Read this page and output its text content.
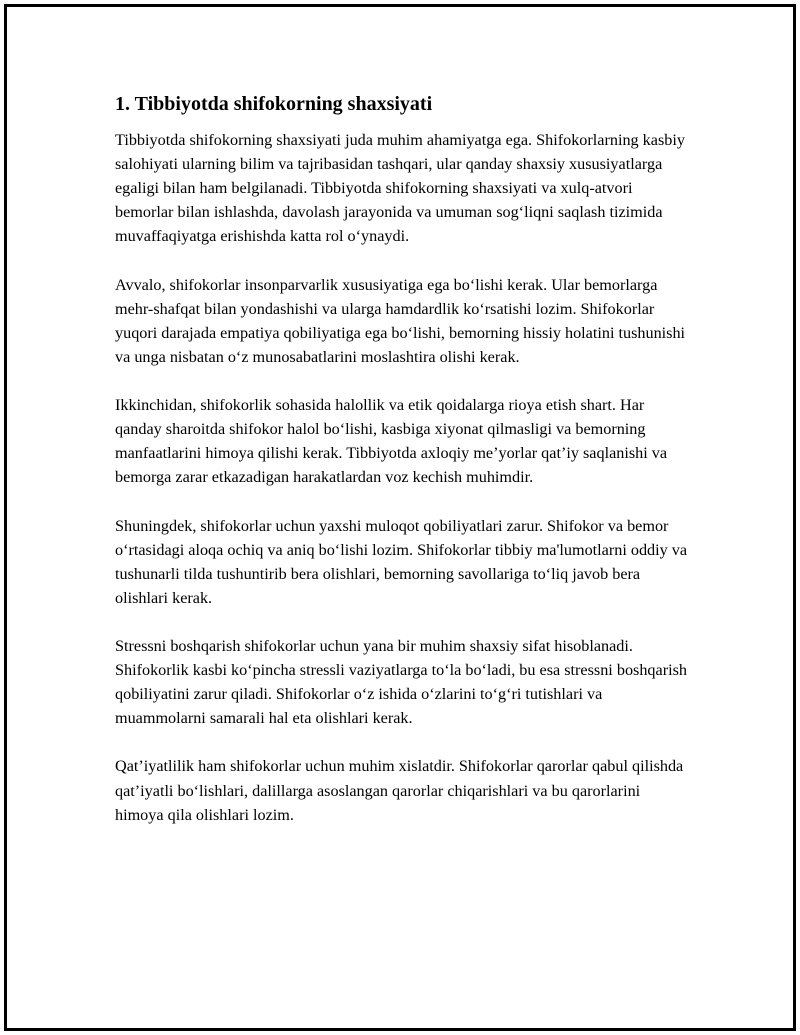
1. Tibbiyotda shifokorning shaxsiyati

Tibbiyotda shifokorning shaxsiyati juda muhim ahamiyatga ega. Shifokorlarning kasbiy salohiyati ularning bilim va tajribasidan tashqari, ular qanday shaxsiy xususiyatlarga egaligi bilan ham belgilanadi. Tibbiyotda shifokorning shaxsiyati va xulq-atvori bemorlar bilan ishlashda, davolash jarayonida va umuman sog‘liqni saqlash tizimida muvaffaqiyatga erishishda katta rol o‘ynaydi.

Avvalo, shifokorlar insonparvarlik xususiyatiga ega bo‘lishi kerak. Ular bemorlarga mehr-shafqat bilan yondashishi va ularga hamdardlik ko‘rsatishi lozim. Shifokorlar yuqori darajada empatiya qobiliyatiga ega bo‘lishi, bemorning hissiy holatini tushunishi va unga nisbatan o‘z munosabatlarini moslashtira olishi kerak.

Ikkinchidan, shifokorlik sohasida halollik va etik qoidalarga rioya etish shart. Har qanday sharoitda shifokor halol bo‘lishi, kasbiga xiyonat qilmasligi va bemorning manfaatlarini himoya qilishi kerak. Tibbiyotda axloqiy me’yorlar qat’iy saqlanishi va bemorga zarar etkazadigan harakatlardan voz kechish muhimdir.

Shuningdek, shifokorlar uchun yaxshi muloqot qobiliyatlari zarur. Shifokor va bemor o‘rtasidagi aloqa ochiq va aniq bo‘lishi lozim. Shifokorlar tibbiy ma'lumotlarni oddiy va tushunarli tilda tushuntirib bera olishlari, bemorning savollariga to‘liq javob bera olishlari kerak.

Stressni boshqarish shifokorlar uchun yana bir muhim shaxsiy sifat hisoblanadi. Shifokorlik kasbi ko‘pincha stressli vaziyatlarga to‘la bo‘ladi, bu esa stressni boshqarish qobiliyatini zarur qiladi. Shifokorlar o‘z ishida o‘zlarini to‘g‘ri tutishlari va muammolarni samarali hal eta olishlari kerak.

Qat’iyatlilik ham shifokorlar uchun muhim xislatdir. Shifokorlar qarorlar qabul qilishda qat’iyatli bo‘lishlari, dalillarga asoslangan qarorlar chiqarishlari va bu qarorlarini himoya qila olishlari lozim.
